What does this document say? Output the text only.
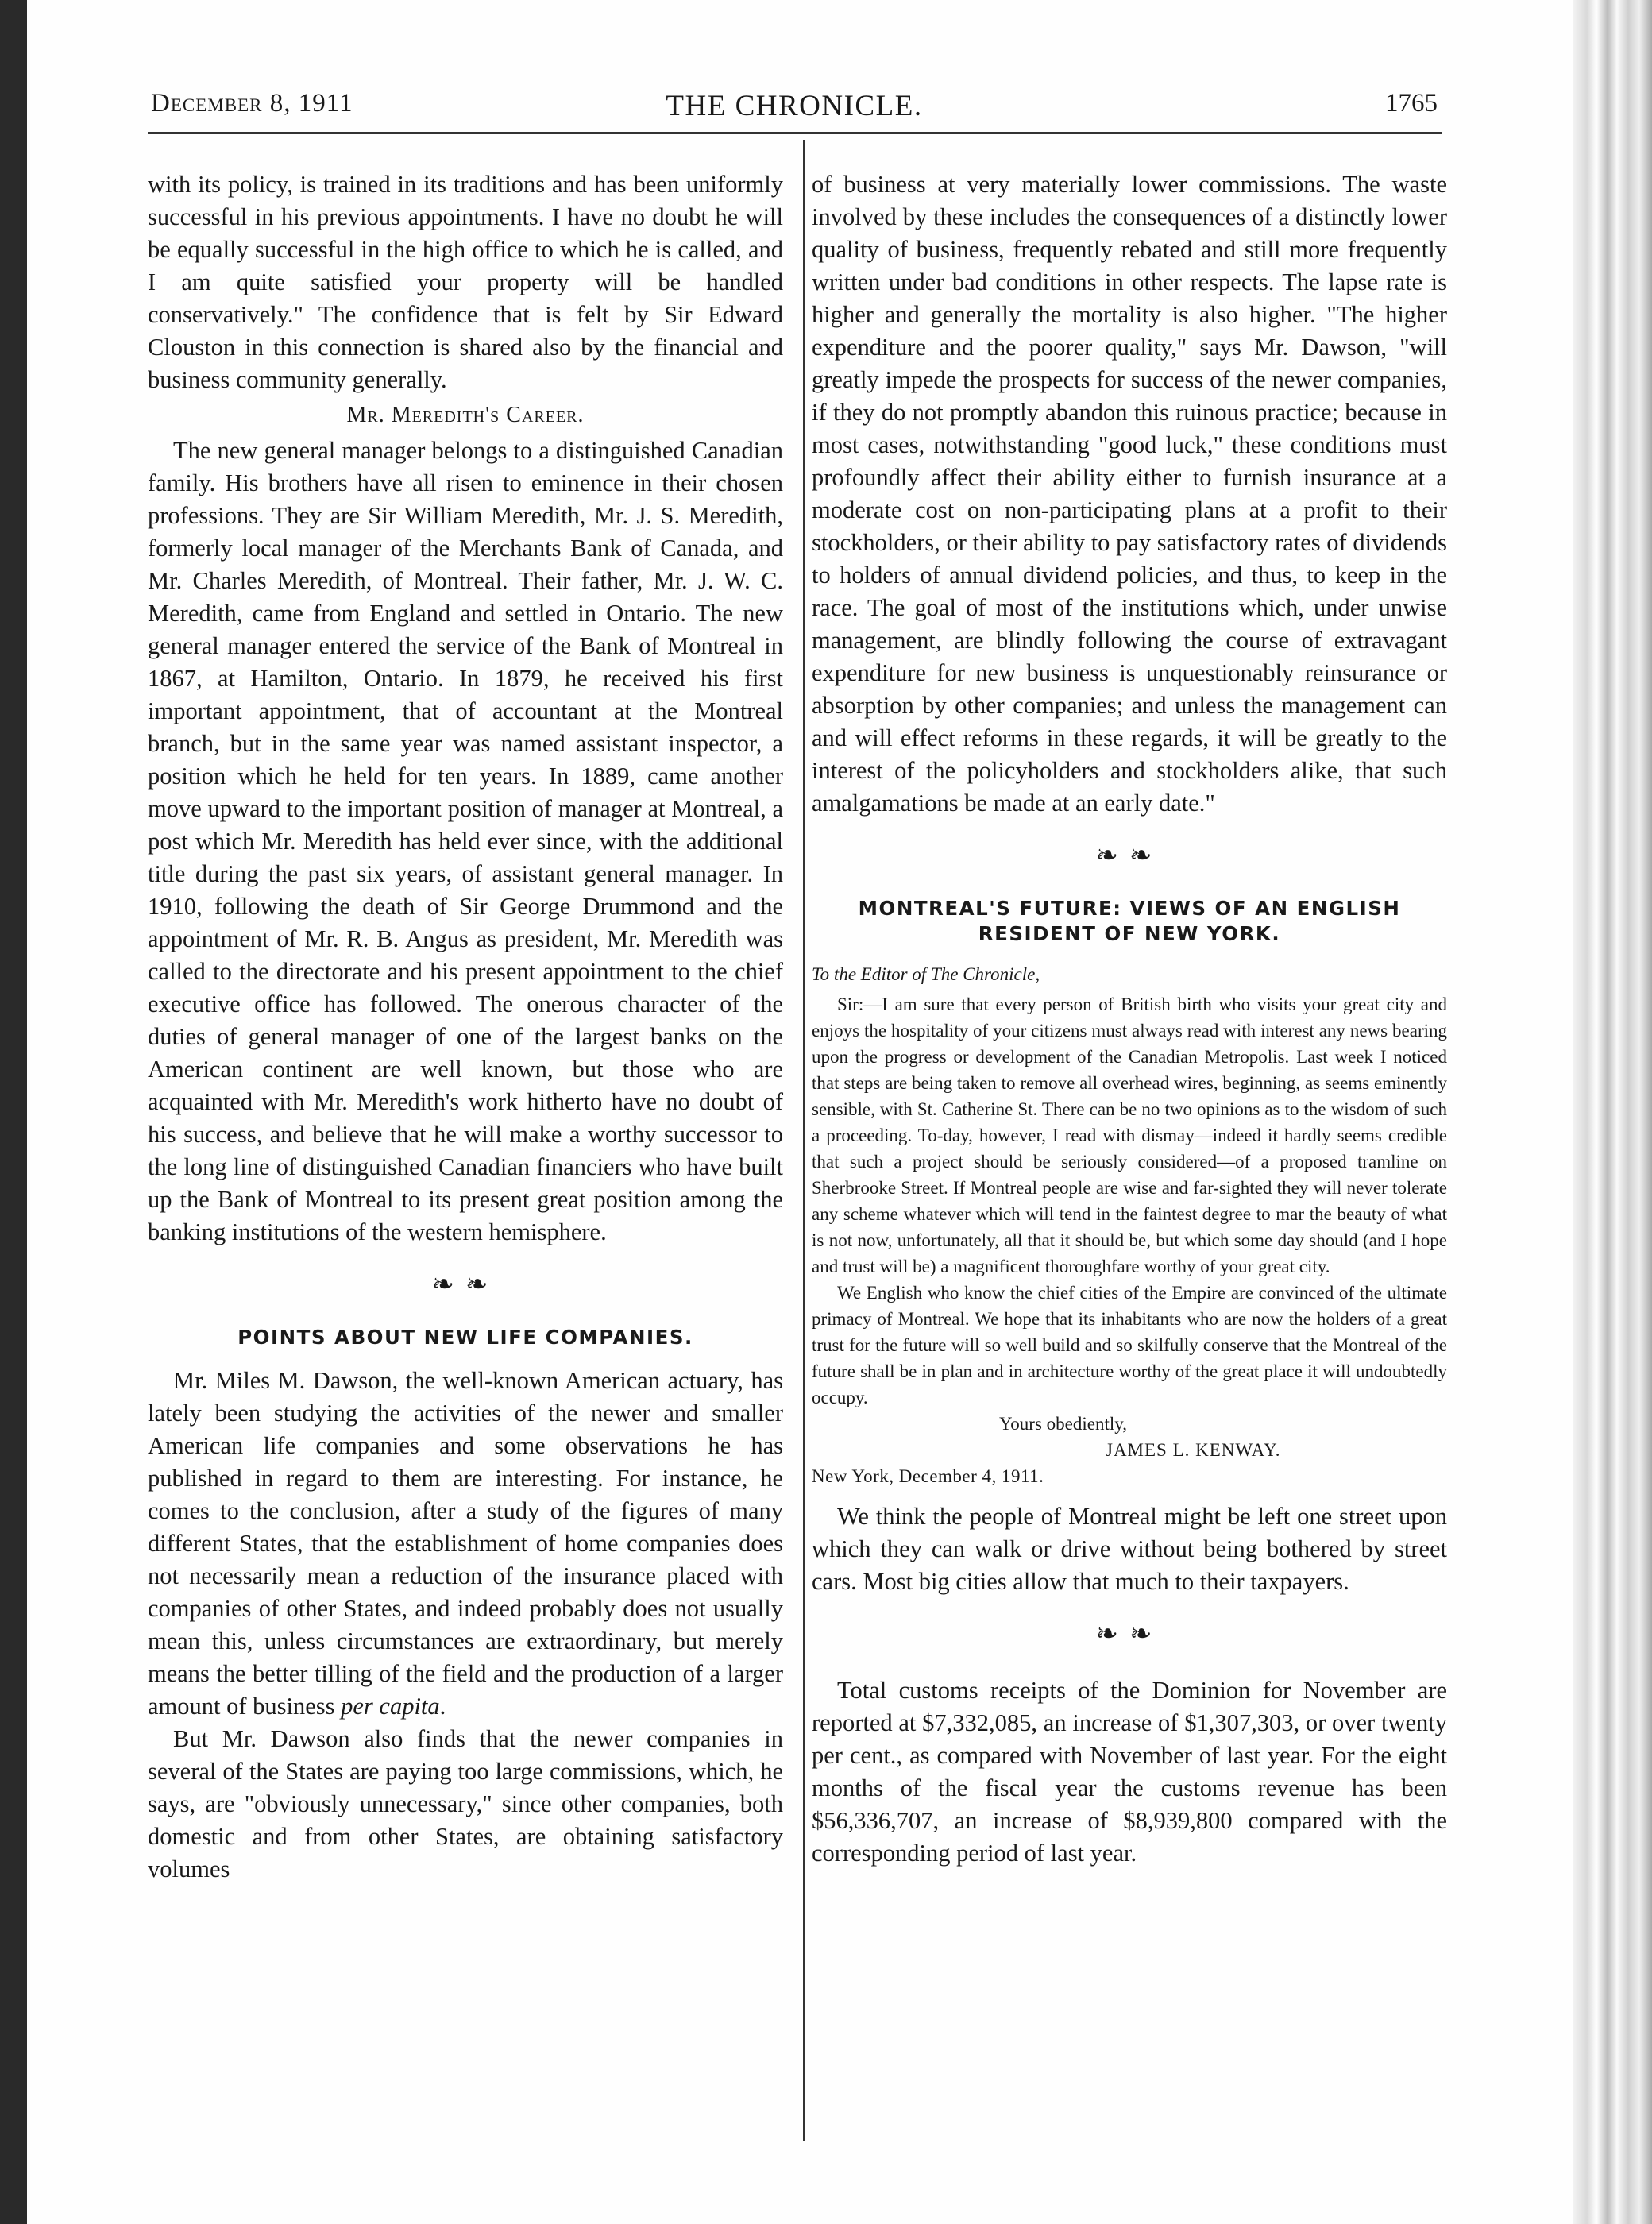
December 8, 1911	THE CHRONICLE.	1765

with its policy, is trained in its traditions and has been uniformly successful in his previous appointments. I have no doubt he will be equally successful in the high office to which he is called, and I am quite satisfied your property will be handled conservatively." The confidence that is felt by Sir Edward Clouston in this connection is shared also by the financial and business community generally.

Mr. Meredith's Career.

The new general manager belongs to a distinguished Canadian family. His brothers have all risen to eminence in their chosen professions. They are Sir William Meredith, Mr. J. S. Meredith, formerly local manager of the Merchants Bank of Canada, and Mr. Charles Meredith, of Montreal. Their father, Mr. J. W. C. Meredith, came from England and settled in Ontario. The new general manager entered the service of the Bank of Montreal in 1867, at Hamilton, Ontario. In 1879, he received his first important appointment, that of accountant at the Montreal branch, but in the same year was named assistant inspector, a position which he held for ten years. In 1889, came another move upward to the important position of manager at Montreal, a post which Mr. Meredith has held ever since, with the additional title during the past six years, of assistant general manager. In 1910, following the death of Sir George Drummond and the appointment of Mr. R. B. Angus as president, Mr. Meredith was called to the directorate and his present appointment to the chief executive office has followed. The onerous character of the duties of general manager of one of the largest banks on the American continent are well known, but those who are acquainted with Mr. Meredith's work hitherto have no doubt of his success, and believe that he will make a worthy successor to the long line of distinguished Canadian financiers who have built up the Bank of Montreal to its present great position among the banking institutions of the western hemisphere.

❧❧
POINTS ABOUT NEW LIFE COMPANIES.

Mr. Miles M. Dawson, the well-known American actuary, has lately been studying the activities of the newer and smaller American life companies and some observations he has published in regard to them are interesting. For instance, he comes to the conclusion, after a study of the figures of many different States, that the establishment of home companies does not necessarily mean a reduction of the insurance placed with companies of other States, and indeed probably does not usually mean this, unless circumstances are extraordinary, but merely means the better tilling of the field and the production of a larger amount of business per capita.

But Mr. Dawson also finds that the newer companies in several of the States are paying too large commissions, which, he says, are "obviously unnecessary," since other companies, both domestic and from other States, are obtaining satisfactory volumes

of business at very materially lower commissions. The waste involved by these includes the consequences of a distinctly lower quality of business, frequently rebated and still more frequently written under bad conditions in other respects. The lapse rate is higher and generally the mortality is also higher. "The higher expenditure and the poorer quality," says Mr. Dawson, "will greatly impede the prospects for success of the newer companies, if they do not promptly abandon this ruinous practice; because in most cases, notwithstanding "good luck," these conditions must profoundly affect their ability either to furnish insurance at a moderate cost on non-participating plans at a profit to their stockholders, or their ability to pay satisfactory rates of dividends to holders of annual dividend policies, and thus, to keep in the race. The goal of most of the institutions which, under unwise management, are blindly following the course of extravagant expenditure for new business is unquestionably reinsurance or absorption by other companies; and unless the management can and will effect reforms in these regards, it will be greatly to the interest of the policyholders and stockholders alike, that such amalgamations be made at an early date."

❧❧
MONTREAL'S FUTURE: VIEWS OF AN ENGLISH RESIDENT OF NEW YORK.

To the Editor of The Chronicle,

Sir:—I am sure that every person of British birth who visits your great city and enjoys the hospitality of your citizens must always read with interest any news bearing upon the progress or development of the Canadian Metropolis. Last week I noticed that steps are being taken to remove all overhead wires, beginning, as seems eminently sensible, with St. Catherine St. There can be no two opinions as to the wisdom of such a proceeding. To-day, however, I read with dismay—indeed it hardly seems credible that such a project should be seriously considered—of a proposed tramline on Sherbrooke Street. If Montreal people are wise and far-sighted they will never tolerate any scheme whatever which will tend in the faintest degree to mar the beauty of what is not now, unfortunately, all that it should be, but which some day should (and I hope and trust will be) a magnificent thoroughfare worthy of your great city.

We English who know the chief cities of the Empire are convinced of the ultimate primacy of Montreal. We hope that its inhabitants who are now the holders of a great trust for the future will so well build and so skilfully conserve that the Montreal of the future shall be in plan and in architecture worthy of the great place it will undoubtedly occupy.

Yours obediently,

JAMES L. KENWAY.

New York, December 4, 1911.

We think the people of Montreal might be left one street upon which they can walk or drive without being bothered by street cars. Most big cities allow that much to their taxpayers.

❧❧

Total customs receipts of the Dominion for November are reported at $7,332,085, an increase of $1,307,303, or over twenty per cent., as compared with November of last year. For the eight months of the fiscal year the customs revenue has been $56,336,707, an increase of $8,939,800 compared with the corresponding period of last year.
